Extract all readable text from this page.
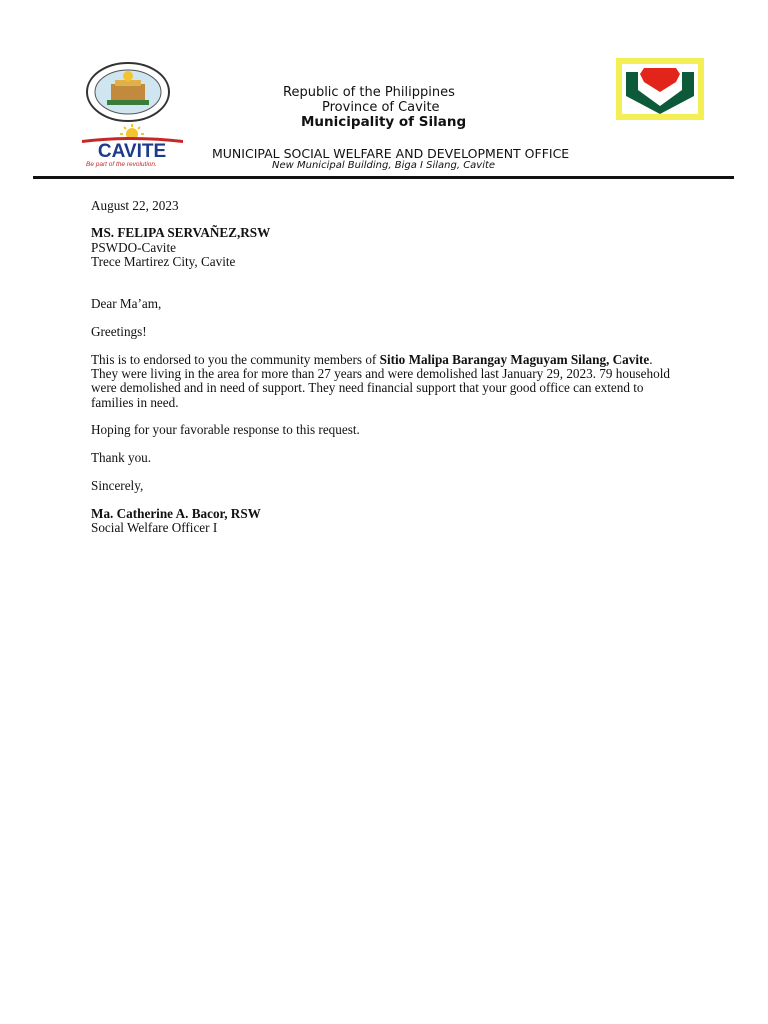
CAVITE
Be part of the revolution.
Republic of the Philippines
Province of Cavite
Municipality of Silang
MUNICIPAL SOCIAL WELFARE AND DEVELOPMENT OFFICE
New Municipal Building, Biga I Silang, Cavite
August 22, 2023
MS. FELIPA SERVAÑEZ,RSW
PSWDO-Cavite
Trece Martirez City, Cavite
Dear Ma’am,
Greetings!
This is to endorsed to you the community members of Sitio Malipa Barangay Maguyam Silang, Cavite. They were living in the area for more than 27 years and were demolished last January 29, 2023. 79 household were demolished and in need of support. They need financial support that your good office can extend to families in need.
Hoping for your favorable response to this request.
Thank you.
Sincerely,
Ma. Catherine A. Bacor, RSW
Social Welfare Officer I
